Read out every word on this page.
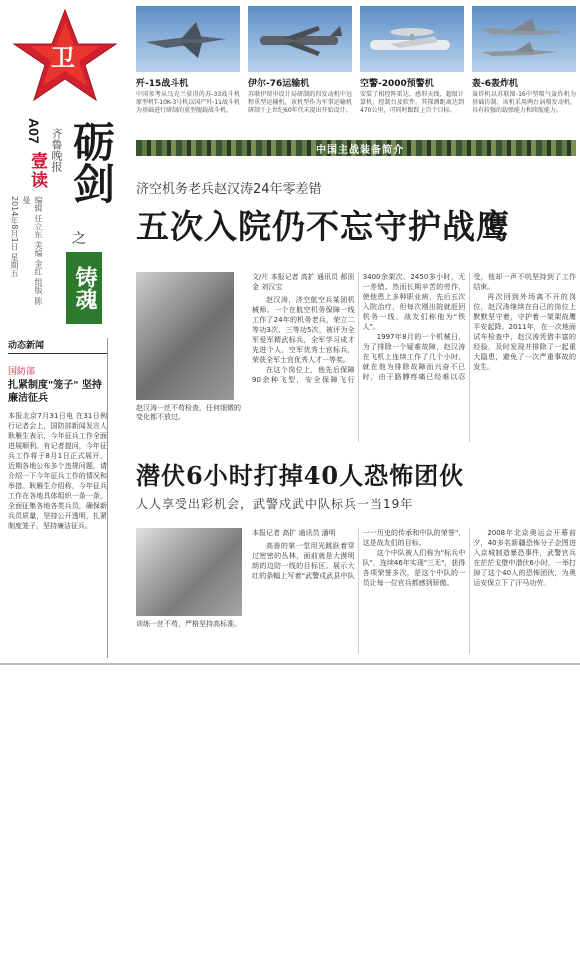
卫
A07
壹读 齐鲁晚报 砺剑
之
铸魂
编辑 任立东 美编 金红 组版 陈曼
2014年8月1日 星期五
动态新闻
国防部
扎紧制度"笼子" 坚持廉洁征兵
本报北京7月31日电 在31日例行记者会上，国防部新闻发言人耿雁生表示，今年征兵工作全面进展顺利。有记者提问，今年征兵工作将于8月1日正式展开，近期各地公布多个违规问题，请介绍一下今年征兵工作的情况和举措。耿雁生介绍称，今年征兵工作在各地具体组织一条一条，全面征集各地各类兵员，确保新兵员质量，坚持公开透明，扎紧制度笼子，坚持廉洁征兵。
歼-15战斗机
中国参考从乌克兰获得的苏-33战斗机原型机T-10K-3号机以国产歼-11战斗机为基础进行研制的重型舰载战斗机。
伊尔-76运输机
苏联伊留申设计局研制的四发动机中远程重型运输机，该机型作为军事运输机研制于上世纪60年代末提出开始设计。
空警-2000预警机
安装了相控阵雷达，感形天线，超级计算机，控制台及软件。其探测距离达到470公里，可同时跟踪上百个目标。
轰-6轰炸机
轰炸机以苏联图-16中型喷气轰炸机为基础仿制，该机采用两台涡喷发动机，具有较强的载弹能力和续航能力。
中国主战装备简介
济空机务老兵赵汉涛24年零差错
五次入院仍不忘守护战鹰
赵汉涛一丝不苟检查，任何细微的变化都不放过。
文/片 本报记者 高扩 通讯员 郝顶金 刘汉宝

赵汉涛，济空航空兵某团机械师。一个在航空机务保障一线工作了24年的机务老兵，荣立二等功3次、三等功5次，被评为全军爱军精武标兵，全军学习成才先进个人，空军优秀士官标兵，荣获全军士官优秀人才一等奖。

在这个岗位上，他先后保障90余种飞型，安全保障飞行3400余架次、2450多小时，无一差错。然而长期辛苦的劳作，使他患上多种职业病，先后五次入院治疗，但每次刚出院就赶回机务一线，战友们称他为"铁人"。

1997年8月的一个机械日，为了排除一个疑难故障，赵汉涛在飞机上连续工作了几个小时，就在他为排除故障而兴奋不已时，由于胳膊疼痛已经难以忍受，他却一声不吭坚持到了工作结束。

再次回到外场离不开的岗位，赵汉涛继续在自己的岗位上默默坚守着，守护着一架架战鹰平安起降。2011年，在一次地面试车检查中，赵汉涛凭借丰富的经验，及时发现并排除了一起重大隐患，避免了一次严重事故的发生。

潜伏6小时打掉40人恐怖团伙
人人享受出彩机会，武警戍武中队标兵一当19年
训练一丝不苟，严格坚持高标准。
本报记者 高扩 通讯员 潘明

高善的第一堂用光跳跃着穿过密密的丛林，面前就是大漠明朗的边防一线的目标区。展示大红的条幅上写着"武警戍武县中队一一历史的传承和中队的荣誉"，这是战友们的目标。

这个中队被人们称为"标兵中队"，连续46年实现"三无"，获得各项荣誉多次，是这个中队的一员让每一位官兵都感到骄傲。

2008年北京奥运会开幕前夕，40多名新疆恐怖分子企图进入京城制造暴恐事件，武警官兵在茫茫戈壁中潜伏6小时，一举打掉了这个40人的恐怖团伙，为奥运安保立下了汗马功劳。
